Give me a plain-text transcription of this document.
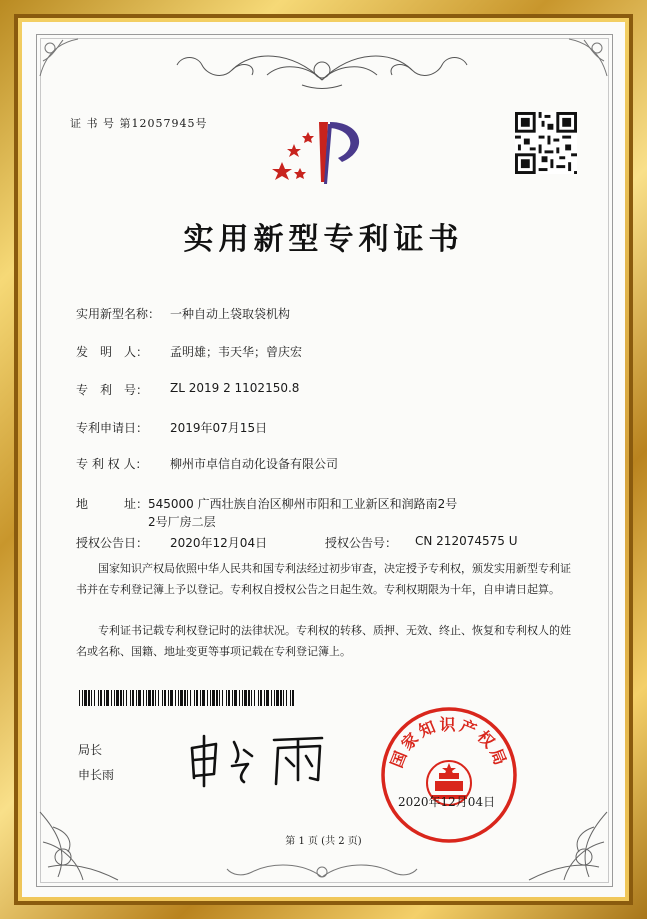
证 书 号 第12057945号
实用新型专利证书
实用新型名称： 一种自动上袋取袋机构
发　明　人： 孟明雄；韦天华；曾庆宏
专　利　号： ZL 2019 2 1102150.8
专利申请日： 2019年07月15日
专 利 权 人： 柳州市卓信自动化设备有限公司
地　　　址： 545000 广西壮族自治区柳州市阳和工业新区和润路南2号
2号厂房二层
授权公告日： 2020年12月04日	授权公告号： CN 212074575 U
国家知识产权局依照中华人民共和国专利法经过初步审查，决定授予专利权，颁发实用新型专利证书并在专利登记簿上予以登记。专利权自授权公告之日起生效。专利权期限为十年，自申请日起算。
专利证书记载专利权登记时的法律状况。专利权的转移、质押、无效、终止、恢复和专利权人的姓名或名称、国籍、地址变更等事项记载在专利登记簿上。
局长
申长雨
国家知识产权局
2020年12月04日
第 1 页 (共 2 页)
